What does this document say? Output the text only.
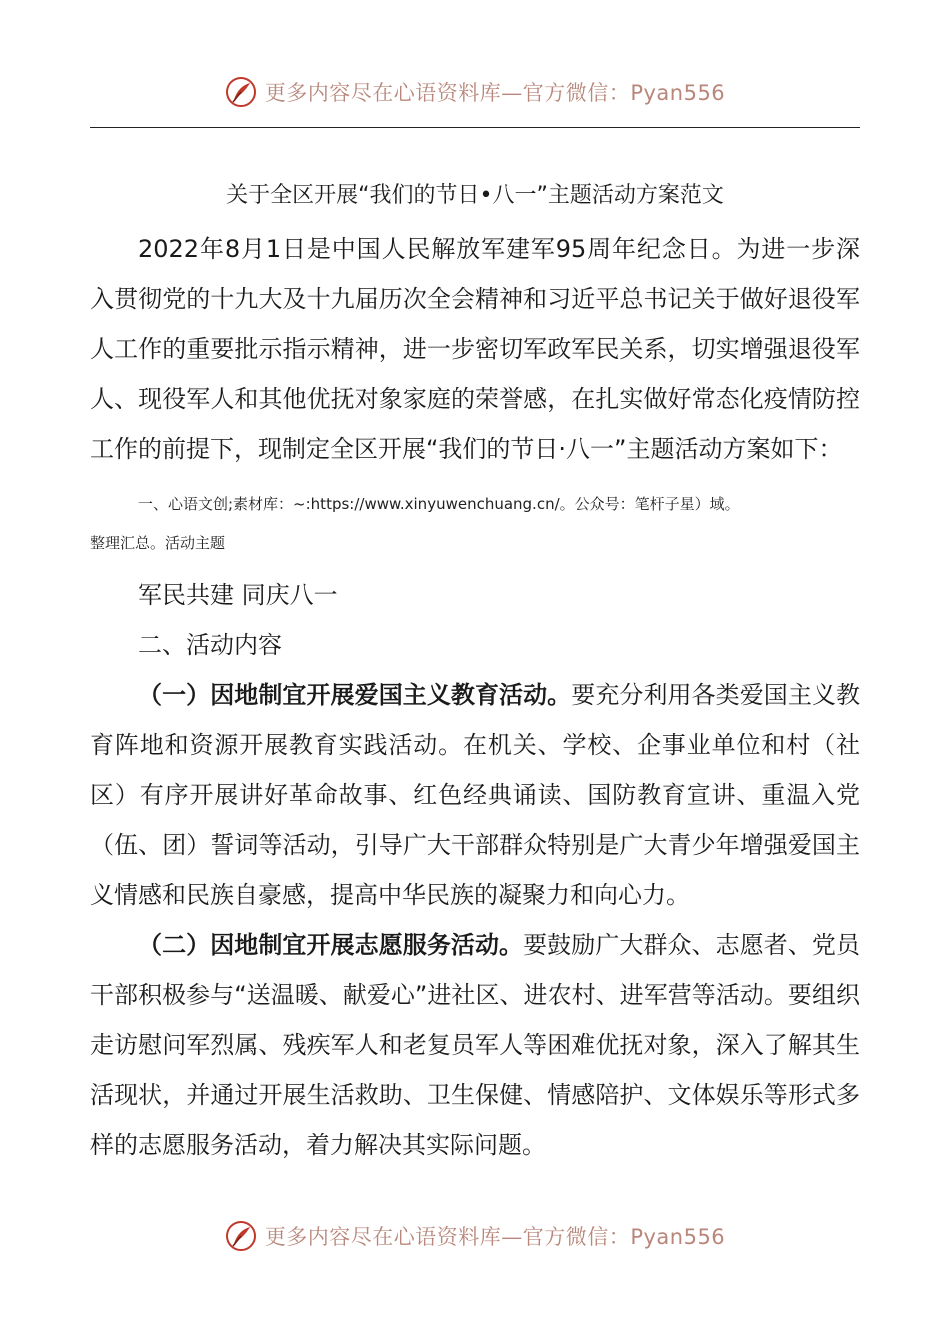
更多内容尽在心语资料库—官方微信：Pyan556
关于全区开展“我们的节日•八一”主题活动方案范文

2022年8月1日是中国人民解放军建军95周年纪念日。为进一步深入贯彻党的十九大及十九届历次全会精神和习近平总书记关于做好退役军人工作的重要批示指示精神，进一步密切军政军民关系，切实增强退役军人、现役军人和其他优抚对象家庭的荣誉感，在扎实做好常态化疫情防控工作的前提下，现制定全区开展“我们的节日·八一”主题活动方案如下：

一、心语文创;素材库：~:https://www.xinyuwenchuang.cn/。公众号：笔杆子星）域。

整理汇总。活动主题

军民共建 同庆八一

二、活动内容

（一）因地制宜开展爱国主义教育活动。要充分利用各类爱国主义教育阵地和资源开展教育实践活动。在机关、学校、企事业单位和村（社区）有序开展讲好革命故事、红色经典诵读、国防教育宣讲、重温入党（伍、团）誓词等活动，引导广大干部群众特别是广大青少年增强爱国主义情感和民族自豪感，提高中华民族的凝聚力和向心力。

（二）因地制宜开展志愿服务活动。要鼓励广大群众、志愿者、党员干部积极参与“送温暖、献爱心”进社区、进农村、进军营等活动。要组织走访慰问军烈属、残疾军人和老复员军人等困难优抚对象，深入了解其生活现状，并通过开展生活救助、卫生保健、情感陪护、文体娱乐等形式多样的志愿服务活动，着力解决其实际问题。

更多内容尽在心语资料库—官方微信：Pyan556
